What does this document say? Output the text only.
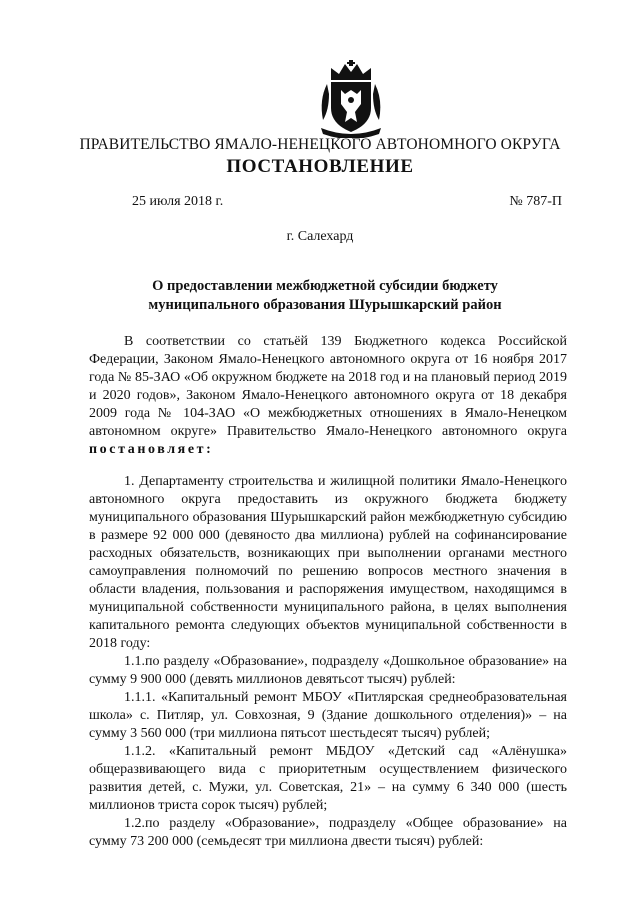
ПРАВИТЕЛЬСТВО ЯМАЛО-НЕНЕЦКОГО АВТОНОМНОГО ОКРУГА
ПОСТАНОВЛЕНИЕ
25 июля 2018 г.	№ 787-П
г. Салехард
О предоставлении межбюджетной субсидии бюджету
муниципального образования Шурышкарский район

В соответствии со статьёй 139 Бюджетного кодекса Российской Федерации, Законом Ямало-Ненецкого автономного округа от 16 ноября 2017 года № 85-ЗАО «Об окружном бюджете на 2018 год и на плановый период 2019 и 2020 годов», Законом Ямало-Ненецкого автономного округа от 18 декабря 2009 года № 104-ЗАО «О межбюджетных отношениях в Ямало-Ненецком автономном округе» Правительство Ямало-Ненецкого автономного округа постановляет:

1. Департаменту строительства и жилищной политики Ямало-Ненецкого автономного округа предоставить из окружного бюджета бюджету муниципального образования Шурышкарский район межбюджетную субсидию в размере 92 000 000 (девяносто два миллиона) рублей на софинансирование расходных обязательств, возникающих при выполнении органами местного самоуправления полномочий по решению вопросов местного значения в области владения, пользования и распоряжения имуществом, находящимся в муниципальной собственности муниципального района, в целях выполнения капитального ремонта следующих объектов муниципальной собственности в 2018 году:

1.1.по разделу «Образование», подразделу «Дошкольное образование» на сумму 9 900 000 (девять миллионов девятьсот тысяч) рублей:

1.1.1. «Капитальный ремонт МБОУ «Питлярская среднеобразовательная школа» с. Питляр, ул. Совхозная, 9 (Здание дошкольного отделения)» – на сумму 3 560 000 (три миллиона пятьсот шестьдесят тысяч) рублей;

1.1.2. «Капитальный ремонт МБДОУ «Детский сад «Алёнушка» общеразвивающего вида с приоритетным осуществлением физического развития детей, с. Мужи, ул. Советская, 21» – на сумму 6 340 000 (шесть миллионов триста сорок тысяч) рублей;

1.2.по разделу «Образование», подразделу «Общее образование» на сумму 73 200 000 (семьдесят три миллиона двести тысяч) рублей:
